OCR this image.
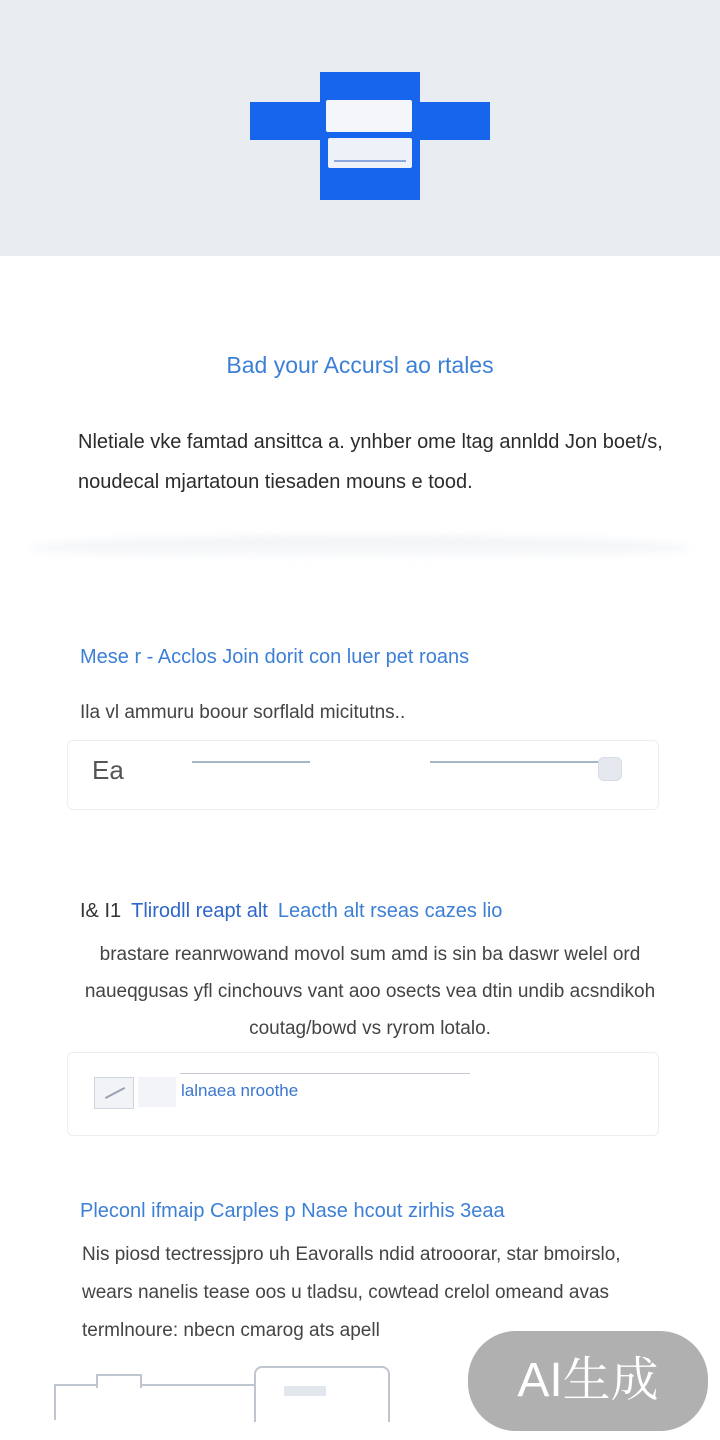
Bad your Accursl ao rtales
Nletiale vke famtad ansittca a. ynhber ome ltag annldd Jon boet/s, noudecal mjartatoun tiesaden mouns e tood.
Mese r - Acclos Join dorit con luer pet roans
Ila vl ammuru boour sorflald micitutns..
Ea
I& I1 Tlirodll reapt alt Leacth alt rseas cazes lio
brastare reanrwowand movol sum amd is sin ba daswr welel ord naueqgusas yfl cinchouvs vant aoo osects vea dtin undib acsndikoh coutag/bowd vs ryrom lotalo.
lalnaea nroothe
Pleconl ifmaip Carples p Nase hcout zirhis 3eaa
Nis piosd tectressjpro uh Eavoralls ndid atrooorar, star bmoirslo, wears nanelis tease oos u tladsu, cowtead crelol omeand avas termlnoure: nbecn cmarog ats apell
AI生成
